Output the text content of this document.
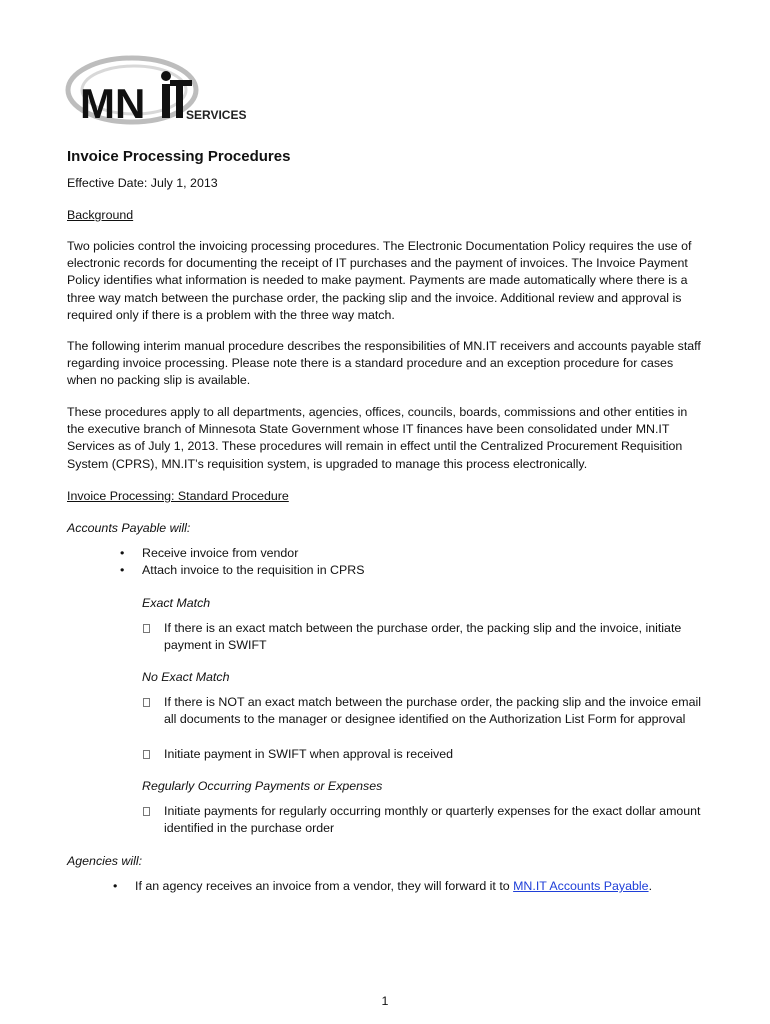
MN	SERVICES
Invoice Processing Procedures

Effective Date: July 1, 2013

Background

Two policies control the invoicing processing procedures. The Electronic Documentation Policy requires the use of electronic records for documenting the receipt of IT purchases and the payment of invoices. The Invoice Payment Policy identifies what information is needed to make payment. Payments are made automatically where there is a three way match between the purchase order, the packing slip and the invoice. Additional review and approval is required only if there is a problem with the three way match.

The following interim manual procedure describes the responsibilities of MN.IT receivers and accounts payable staff regarding invoice processing. Please note there is a standard procedure and an exception procedure for cases when no packing slip is available.

These procedures apply to all departments, agencies, offices, councils, boards, commissions and other entities in the executive branch of Minnesota State Government whose IT finances have been consolidated under MN.IT Services as of July 1, 2013. These procedures will remain in effect until the Centralized Procurement Requisition System (CPRS), MN.IT’s requisition system, is upgraded to manage this process electronically.

Invoice Processing: Standard Procedure

Accounts Payable will:

• Receive invoice from vendor
• Attach invoice to the requisition in CPRS

Exact Match

If there is an exact match between the purchase order, the packing slip and the invoice, initiate payment in SWIFT

No Exact Match

If there is NOT an exact match between the purchase order, the packing slip and the invoice email all documents to the manager or designee identified on the Authorization List Form for approval
Initiate payment in SWIFT when approval is received

Regularly Occurring Payments or Expenses

Initiate payments for regularly occurring monthly or quarterly expenses for the exact dollar amount identified in the purchase order

Agencies will:

• If an agency receives an invoice from a vendor, they will forward it to MN.IT Accounts Payable.
1
